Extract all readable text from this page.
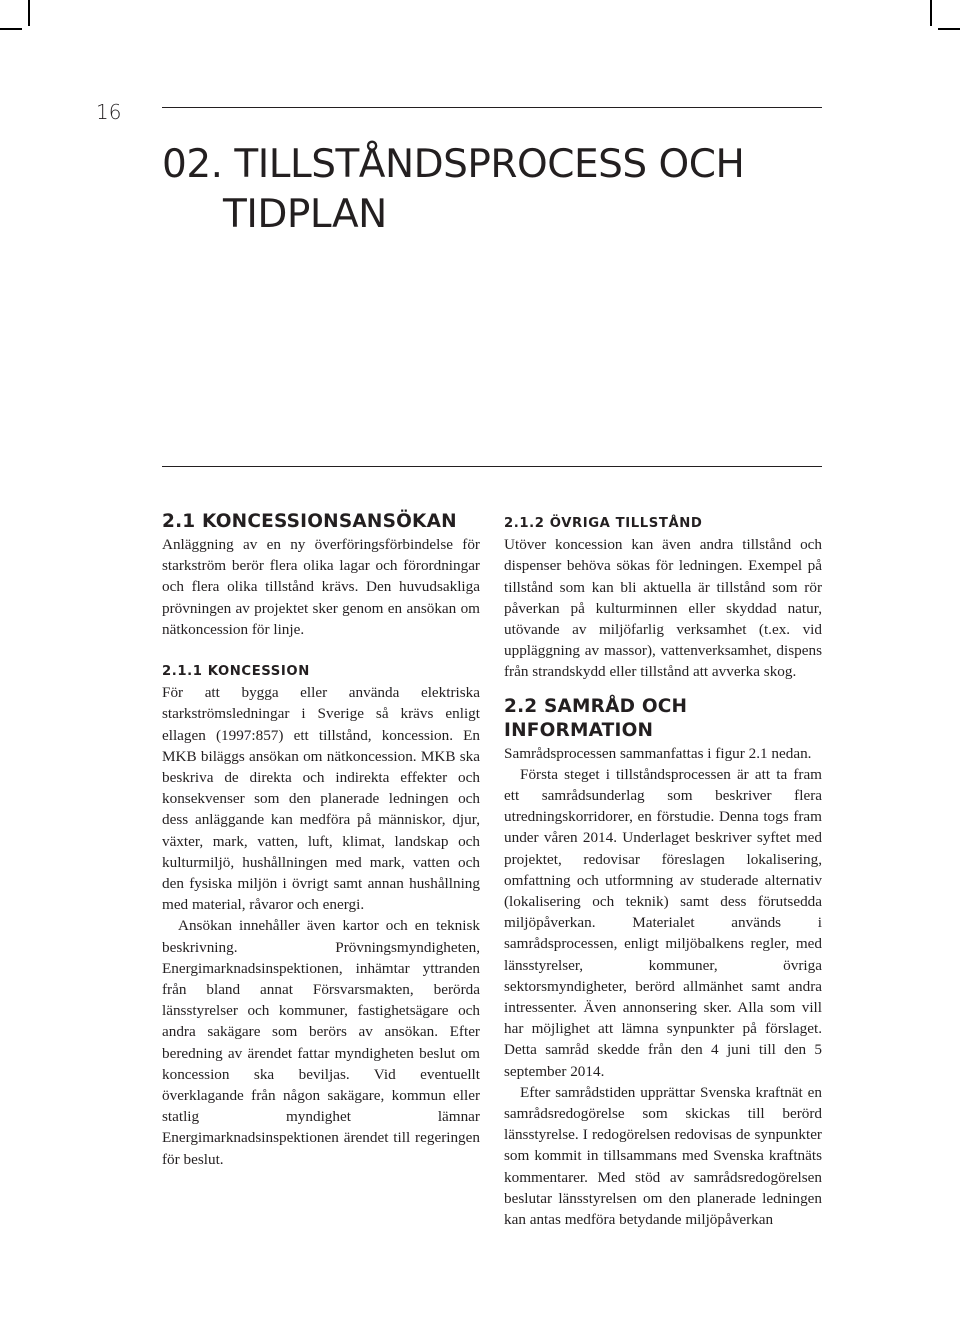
16
02. TILLSTÅNDSPROCESS OCH
TIDPLAN
2.1 KONCESSIONSANSÖKAN

Anläggning av en ny överföringsförbindelse för starkström berör flera olika lagar och förordningar och flera olika tillstånd krävs. Den huvudsakliga prövningen av projektet sker genom en ansökan om nätkoncession för linje.

2.1.1 KONCESSION

För att bygga eller använda elektriska starkströmsledningar i Sverige så krävs enligt ellagen (1997:857) ett tillstånd, koncession. En MKB biläggs ansökan om nätkoncession. MKB ska beskriva de direkta och indirekta effekter och konsekvenser som den planerade ledningen och dess anläggande kan medföra på människor, djur, växter, mark, vatten, luft, klimat, landskap och kulturmiljö, hushållningen med mark, vatten och den fysiska miljön i övrigt samt annan hushållning med material, råvaror och energi.

Ansökan innehåller även kartor och en teknisk beskrivning. Prövningsmyndigheten, Energimarknadsinspektionen, inhämtar yttranden från bland annat Försvarsmakten, berörda länsstyrelser och kommuner, fastighetsägare och andra sakägare som berörs av ansökan. Efter beredning av ärendet fattar myndigheten beslut om koncession ska beviljas. Vid eventuellt överklagande från någon sakägare, kommun eller statlig myndighet lämnar Energimarknadsinspektionen ärendet till regeringen för beslut.

2.1.2 ÖVRIGA TILLSTÅND

Utöver koncession kan även andra tillstånd och dispenser behöva sökas för ledningen. Exempel på tillstånd som kan bli aktuella är tillstånd som rör påverkan på kulturminnen eller skyddad natur, utövande av miljöfarlig verksamhet (t.ex. vid uppläggning av massor), vattenverksamhet, dispens från strandskydd eller tillstånd att avverka skog.

2.2 SAMRÅD OCH INFORMATION

Samrådsprocessen sammanfattas i figur 2.1 nedan.

Första steget i tillståndsprocessen är att ta fram ett samrådsunderlag som beskriver flera utredningskorridorer, en förstudie. Denna togs fram under våren 2014. Underlaget beskriver syftet med projektet, redovisar föreslagen lokalisering, omfattning och utformning av studerade alternativ (lokalisering och teknik) samt dess förutsedda miljöpåverkan. Materialet används i samrådsprocessen, enligt miljöbalkens regler, med länsstyrelser, kommuner, övriga sektorsmyndigheter, berörd allmänhet samt andra intressenter. Även annonsering sker. Alla som vill har möjlighet att lämna synpunkter på förslaget. Detta samråd skedde från den 4 juni till den 5 september 2014.

Efter samrådstiden upprättar Svenska kraftnät en samrådsredogörelse som skickas till berörd länsstyrelse. I redogörelsen redovisas de synpunkter som kommit in tillsammans med Svenska kraftnäts kommentarer. Med stöd av samrådsredogörelsen beslutar länsstyrelsen om den planerade ledningen kan antas medföra betydande miljöpåverkan
